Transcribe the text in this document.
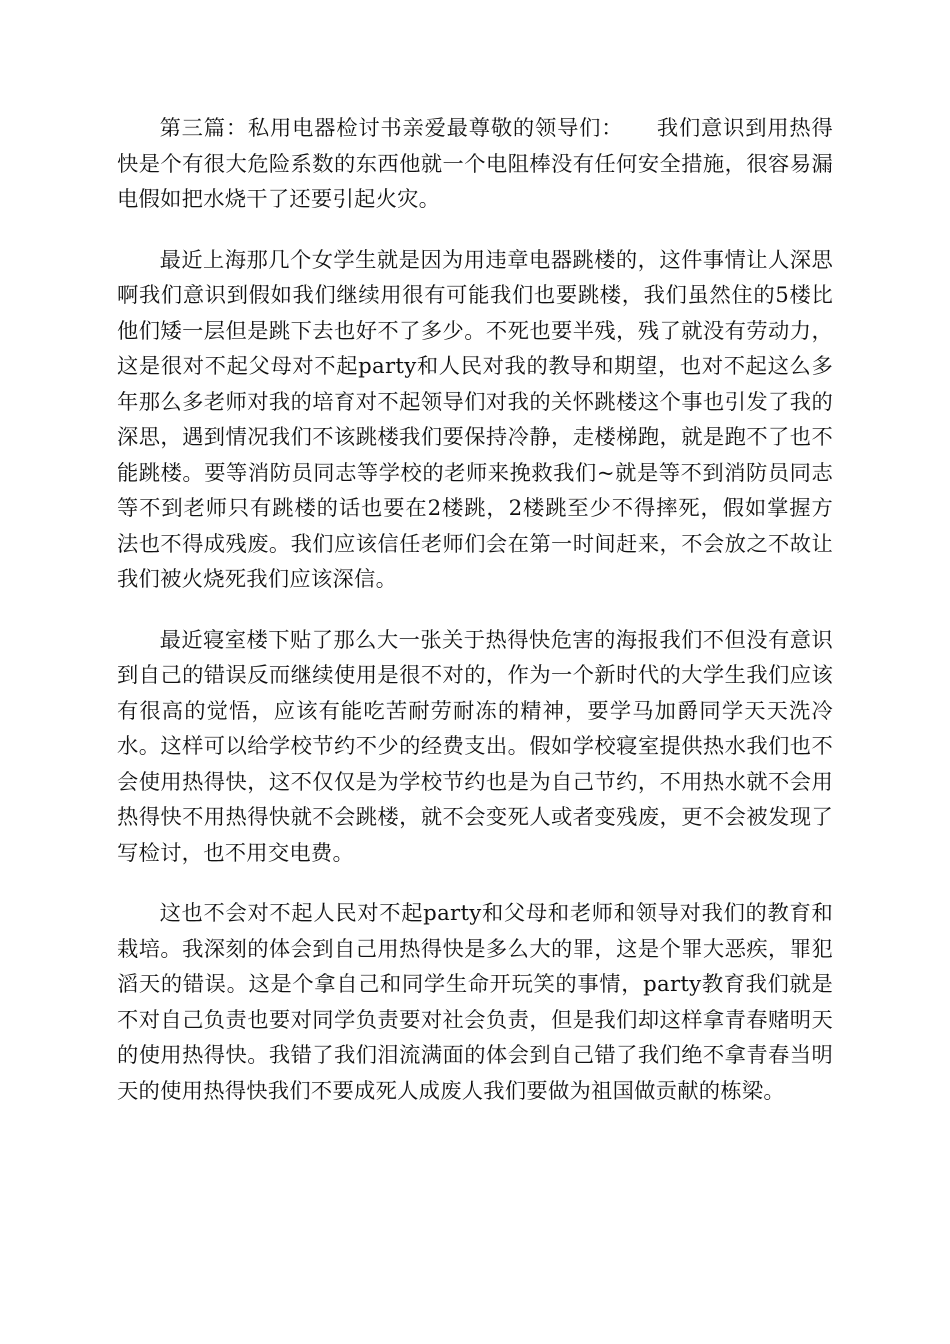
第三篇：私用电器检讨书亲爱最尊敬的领导们：　　我们意识到用热得快是个有很大危险系数的东西他就一个电阻棒没有任何安全措施，很容易漏电假如把水烧干了还要引起火灾。

最近上海那几个女学生就是因为用违章电器跳楼的，这件事情让人深思啊我们意识到假如我们继续用很有可能我们也要跳楼，我们虽然住的5楼比他们矮一层但是跳下去也好不了多少。不死也要半残，残了就没有劳动力，这是很对不起父母对不起party和人民对我的教导和期望，也对不起这么多年那么多老师对我的培育对不起领导们对我的关怀跳楼这个事也引发了我的深思，遇到情况我们不该跳楼我们要保持冷静，走楼梯跑，就是跑不了也不能跳楼。要等消防员同志等学校的老师来挽救我们~就是等不到消防员同志等不到老师只有跳楼的话也要在2楼跳，2楼跳至少不得摔死，假如掌握方法也不得成残废。我们应该信任老师们会在第一时间赶来，不会放之不故让我们被火烧死我们应该深信。

最近寝室楼下贴了那么大一张关于热得快危害的海报我们不但没有意识到自己的错误反而继续使用是很不对的，作为一个新时代的大学生我们应该有很高的觉悟，应该有能吃苦耐劳耐冻的精神，要学马加爵同学天天洗冷水。这样可以给学校节约不少的经费支出。假如学校寝室提供热水我们也不会使用热得快，这不仅仅是为学校节约也是为自己节约，不用热水就不会用热得快不用热得快就不会跳楼，就不会变死人或者变残废，更不会被发现了写检讨，也不用交电费。

这也不会对不起人民对不起party和父母和老师和领导对我们的教育和栽培。我深刻的体会到自己用热得快是多么大的罪，这是个罪大恶疾，罪犯滔天的错误。这是个拿自己和同学生命开玩笑的事情，party教育我们就是不对自己负责也要对同学负责要对社会负责，但是我们却这样拿青春赌明天的使用热得快。我错了我们泪流满面的体会到自己错了我们绝不拿青春当明天的使用热得快我们不要成死人成废人我们要做为祖国做贡献的栋梁。
